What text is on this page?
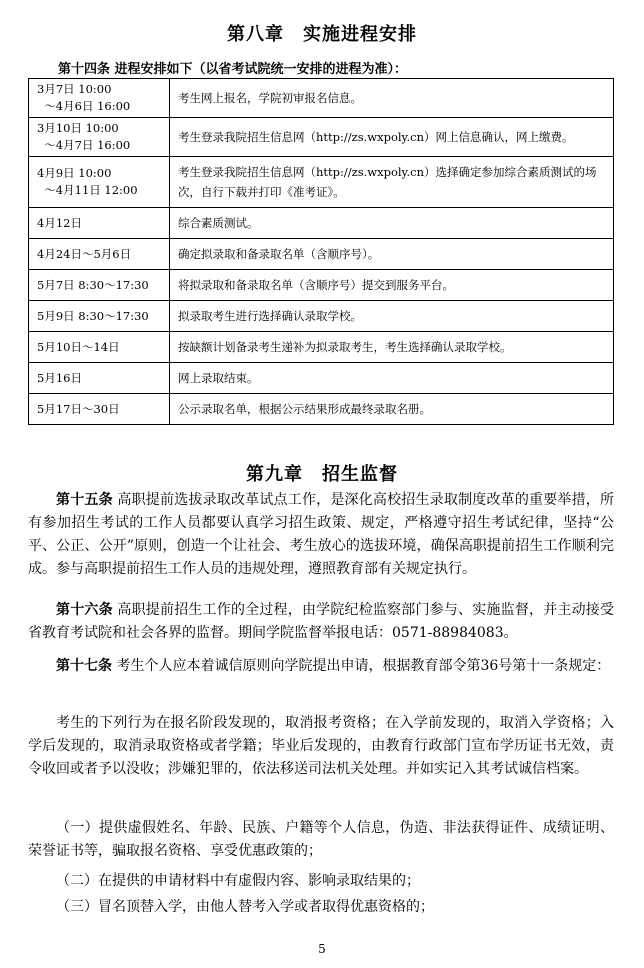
第八章　实施进程安排
第十四条 进程安排如下（以省考试院统一安排的进程为准）：
3月7日 10:00
～4月6日 16:00	考生网上报名，学院初审报名信息。

3月10日 10:00
～4月7日 16:00	考生登录我院招生信息网（http://zs.wxpoly.cn）网上信息确认，网上缴费。

4月9日 10:00
～4月11日 12:00	考生登录我院招生信息网（http://zs.wxpoly.cn）选择确定参加综合素质测试的场次，自行下载并打印《准考证》。

4月12日	综合素质测试。

4月24日～5月6日	确定拟录取和备录取名单（含顺序号）。

5月7日 8:30～17:30	将拟录取和备录取名单（含顺序号）提交到服务平台。

5月9日 8:30～17:30	拟录取考生进行选择确认录取学校。

5月10日～14日	按缺额计划备录考生递补为拟录取考生，考生选择确认录取学校。

5月16日	网上录取结束。

5月17日～30日	公示录取名单，根据公示结果形成最终录取名册。
第九章　招生监督
第十五条 高职提前选拔录取改革试点工作，是深化高校招生录取制度改革的重要举措，所有参加招生考试的工作人员都要认真学习招生政策、规定，严格遵守招生考试纪律，坚持“公平、公正、公开”原则，创造一个让社会、考生放心的选拔环境，确保高职提前招生工作顺利完成。参与高职提前招生工作人员的违规处理，遵照教育部有关规定执行。
第十六条 高职提前招生工作的全过程，由学院纪检监察部门参与、实施监督，并主动接受省教育考试院和社会各界的监督。期间学院监督举报电话：0571-88984083。
第十七条 考生个人应本着诚信原则向学院提出申请，根据教育部令第36号第十一条规定：
考生的下列行为在报名阶段发现的，取消报考资格；在入学前发现的，取消入学资格；入学后发现的，取消录取资格或者学籍；毕业后发现的，由教育行政部门宣布学历证书无效，责令收回或者予以没收；涉嫌犯罪的，依法移送司法机关处理。并如实记入其考试诚信档案。
（一）提供虚假姓名、年龄、民族、户籍等个人信息，伪造、非法获得证件、成绩证明、荣誉证书等，骗取报名资格、享受优惠政策的；
（二）在提供的申请材料中有虚假内容、影响录取结果的；
（三）冒名顶替入学，由他人替考入学或者取得优惠资格的；
5
